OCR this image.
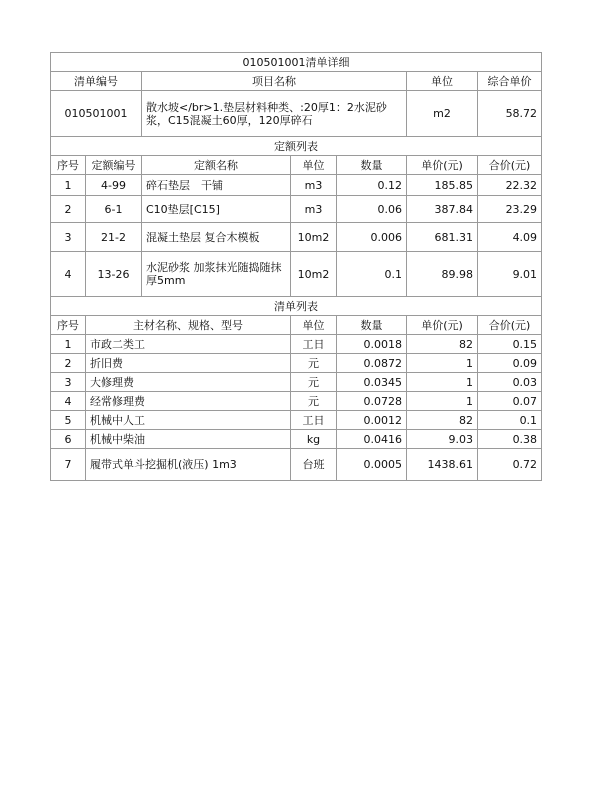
010501001清单详细						
清单编号		项目名称			单位	综合单价
010501001		散水坡</br>1.垫层材料种类、:20厚1：2水泥砂浆，C15混凝土60厚，120厚碎石			m2	58.72
定额列表						
序号	定额编号	定额名称	单位	数量	单价(元)	合价(元)
1	4-99	碎石垫层　干铺	m3	0.12	185.85	22.32
2	6-1	C10垫层[C15]	m3	0.06	387.84	23.29
3	21-2	混凝土垫层 复合木模板	10m2	0.006	681.31	4.09
4	13-26	水泥砂浆 加浆抹光随捣随抹厚5mm	10m2	0.1	89.98	9.01
清单列表						
序号	主材名称、规格、型号		单位	数量	单价(元)	合价(元)
1	市政二类工		工日	0.0018	82	0.15
2	折旧费		元	0.0872	1	0.09
3	大修理费		元	0.0345	1	0.03
4	经常修理费		元	0.0728	1	0.07
5	机械中人工		工日	0.0012	82	0.1
6	机械中柴油		kg	0.0416	9.03	0.38
7	履带式单斗挖掘机(液压) 1m3		台班	0.0005	1438.61	0.72
